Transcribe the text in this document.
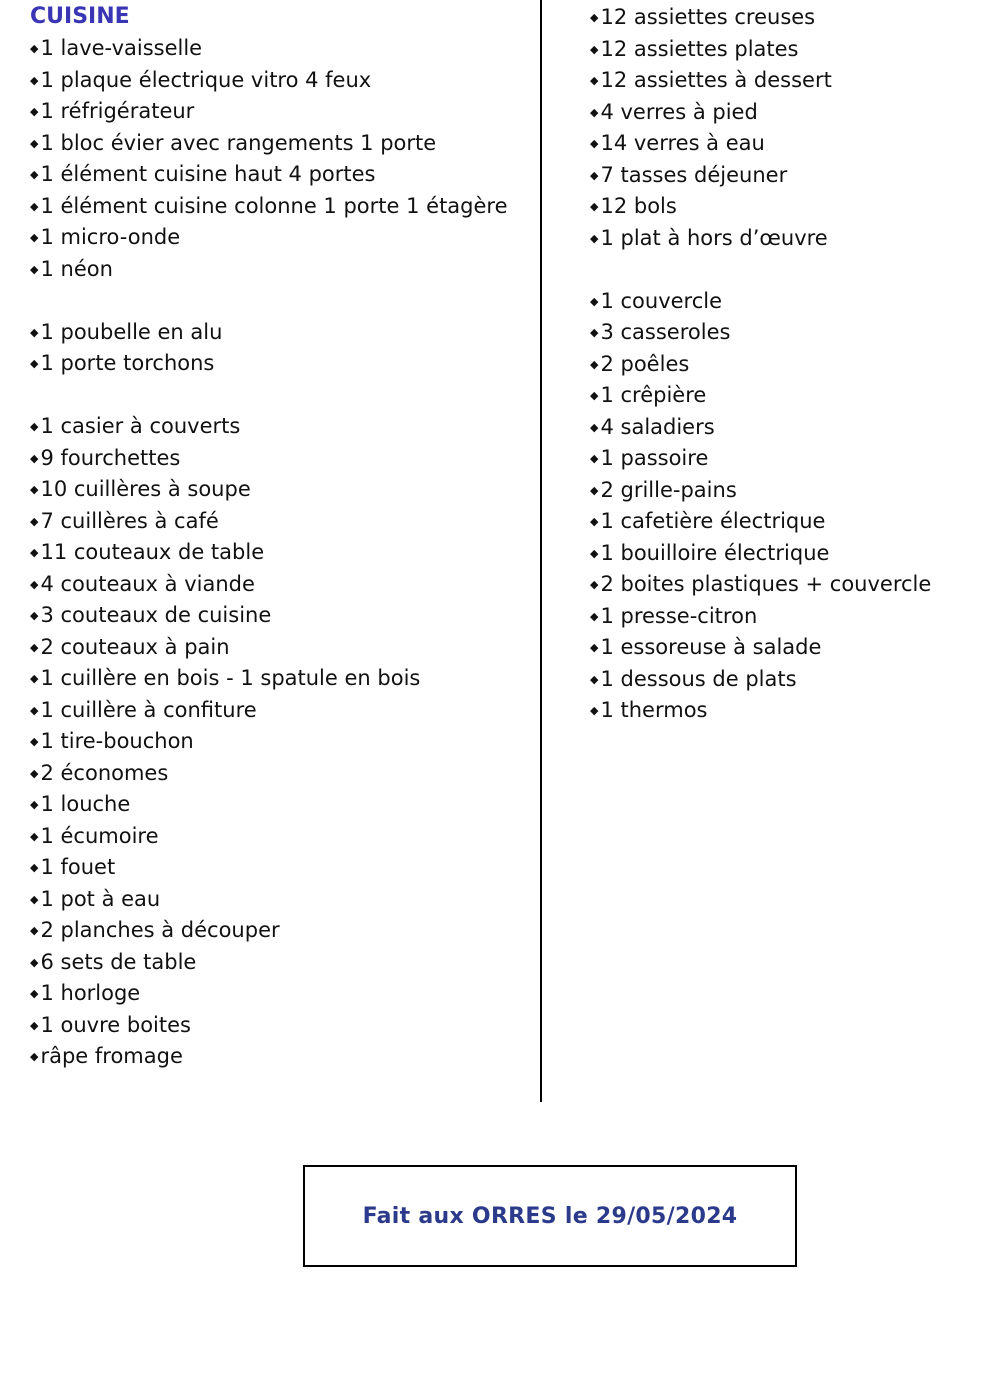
CUISINE
◆1 lave-vaisselle
◆1 plaque électrique vitro 4 feux
◆1 réfrigérateur
◆1 bloc évier avec rangements 1 porte
◆1 élément cuisine haut 4 portes
◆1 élément cuisine colonne 1 porte 1 étagère
◆1 micro-onde
◆1 néon
◆1 poubelle en alu
◆1 porte torchons
◆1 casier à couverts
◆9 fourchettes
◆10 cuillères à soupe
◆7 cuillères à café
◆11 couteaux de table
◆4 couteaux à viande
◆3 couteaux de cuisine
◆2 couteaux à pain
◆1 cuillère en bois - 1 spatule en bois
◆1 cuillère à confiture
◆1 tire-bouchon
◆2 économes
◆1 louche
◆1 écumoire
◆1 fouet
◆1 pot à eau
◆2 planches à découper
◆6 sets de table
◆1 horloge
◆1 ouvre boites
◆râpe fromage
◆12 assiettes creuses
◆12 assiettes plates
◆12 assiettes à dessert
◆4 verres à pied
◆14 verres à eau
◆7 tasses déjeuner
◆12 bols
◆1 plat à hors d’œuvre
◆1 couvercle
◆3 casseroles
◆2 poêles
◆1 crêpière
◆4 saladiers
◆1 passoire
◆2 grille-pains
◆1 cafetière électrique
◆1 bouilloire électrique
◆2 boites plastiques + couvercle
◆1 presse-citron
◆1 essoreuse à salade
◆1 dessous de plats
◆1 thermos
Fait aux ORRES le 29/05/2024
